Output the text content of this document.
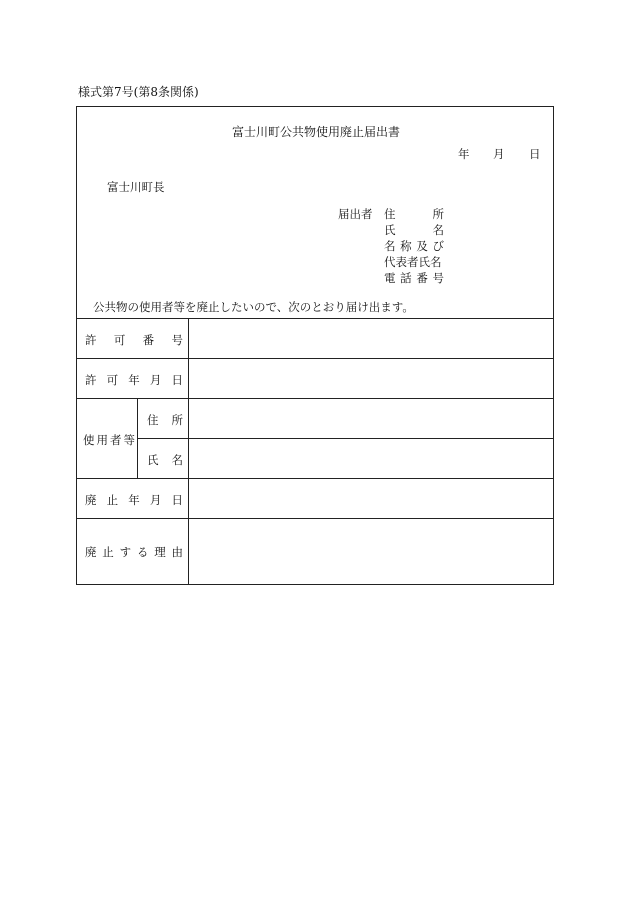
様式第7号(第8条関係)
富士川町公共物使用廃止届出書
年 月 日
富士川町長
届出者 住	所
氏	名
名 称 及 び
代表者氏名
電 話 番 号
公共物の使用者等を廃止したいので、次のとおり届け出ます。
許 可 番 号
許 可 年 月 日
使 用 者 等
住 所
氏 名
廃 止 年 月 日
廃 止 す る 理 由
